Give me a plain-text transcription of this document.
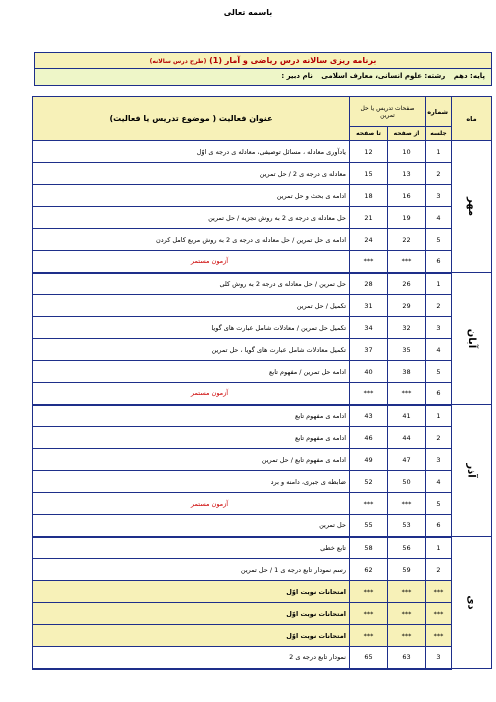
باسمه تعالی
برنامه ریزی سالانه درس ریاضی و آمار (1) (طرح درس سالانه)
پایه: دهم رشته: علوم انسانی، معارف اسلامی نام دبیر :
ماه	شماره	صفحات تدریس یا حل تمرین		عنوان فعالیت ( موضوع تدریس یا فعالیت)
	جلسه	از صفحه	تا صفحه	
مهر	1	10	12	یادآوری معادله ، مسائل توصیفی، معادله ی درجه ی اوّل
	2	13	15	معادله ی درجه ی 2 / حل تمرین
	3	16	18	ادامه ی بحث و حل تمرین
	4	19	21	حل معادله ی درجه ی 2 به روش تجزیه / حل تمرین
	5	22	24	ادامه ی حل تمرین / حل معادله ی درجه ی 2 به روش مربع کامل کردن
	6	***	***	آزمون مستمر
آبان	1	26	28	حل تمرین / حل معادله ی درجه 2 به روش کلی
	2	29	31	تکمیل / حل تمرین
	3	32	34	تکمیل حل تمرین / معادلات شامل عبارت های گویا
	4	35	37	تکمیل معادلات شامل عبارت های گویا ، حل تمرین
	5	38	40	ادامه حل تمرین / مفهوم تابع
	6	***	***	آزمون مستمر
آذر	1	41	43	ادامه ی مفهوم تابع
	2	44	46	ادامه ی مفهوم تابع
	3	47	49	ادامه ی مفهوم تابع / حل تمرین
	4	50	52	ضابطه ی جبری، دامنه و برد
	5	***	***	آزمون مستمر
	6	53	55	حل تمرین
دی	1	56	58	تابع خطی
	2	59	62	رسم نمودار تابع درجه ی 1 / حل تمرین
	***	***	***	امتحانات نوبت اوّل
	***	***	***	امتحانات نوبت اوّل
	***	***	***	امتحانات نوبت اوّل
	3	63	65	نمودار تابع درجه ی 2
